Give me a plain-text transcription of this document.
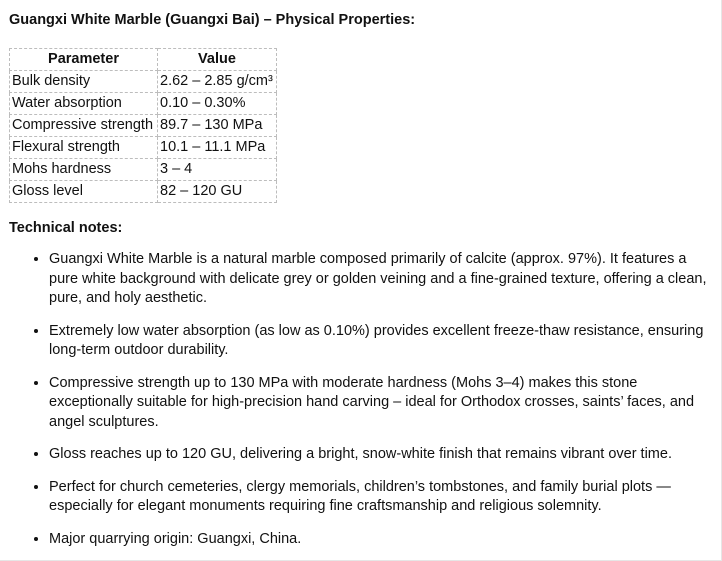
Guangxi White Marble (Guangxi Bai) – Physical Properties:

Parameter	Value
Bulk density	2.62 – 2.85 g/cm³
Water absorption	0.10 – 0.30%
Compressive strength	89.7 – 130 MPa
Flexural strength	10.1 – 11.1 MPa
Mohs hardness	3 – 4
Gloss level	82 – 120 GU

Technical notes:

• Guangxi White Marble is a natural marble composed primarily of calcite (approx. 97%). It features a pure white background with delicate grey or golden veining and a fine-grained texture, offering a clean, pure, and holy aesthetic.
• Extremely low water absorption (as low as 0.10%) provides excellent freeze-thaw resistance, ensuring long-term outdoor durability.
• Compressive strength up to 130 MPa with moderate hardness (Mohs 3–4) makes this stone exceptionally suitable for high-precision hand carving – ideal for Orthodox crosses, saints’ faces, and angel sculptures.
• Gloss reaches up to 120 GU, delivering a bright, snow-white finish that remains vibrant over time.
• Perfect for church cemeteries, clergy memorials, children’s tombstones, and family burial plots — especially for elegant monuments requiring fine craftsmanship and religious solemnity.
• Major quarrying origin: Guangxi, China.
